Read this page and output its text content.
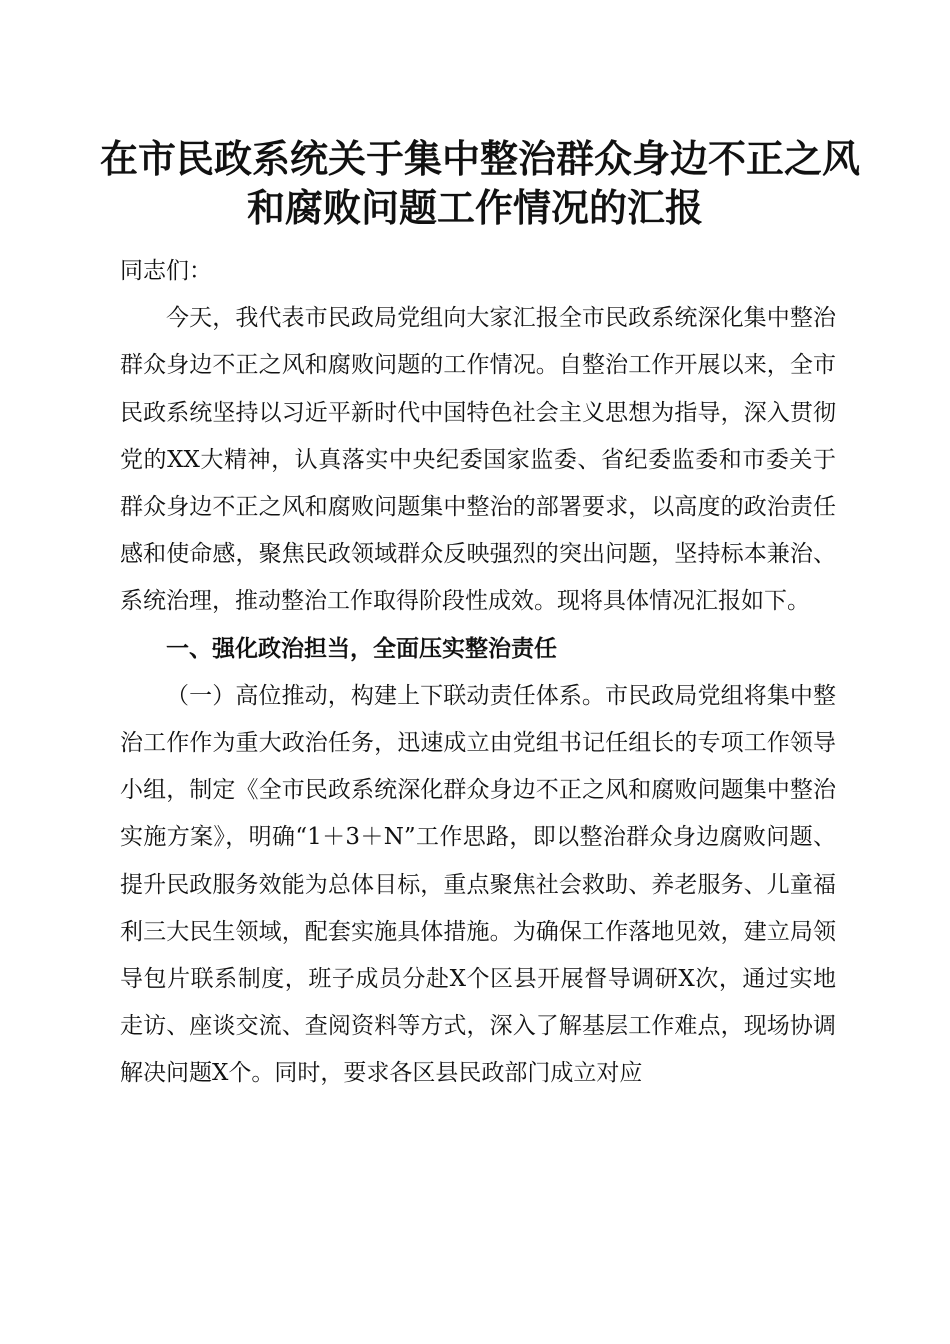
在市民政系统关于集中整治群众身边不正之风
和腐败问题工作情况的汇报

同志们：

今天，我代表市民政局党组向大家汇报全市民政系统深化集中整治群众身边不正之风和腐败问题的工作情况。自整治工作开展以来，全市民政系统坚持以习近平新时代中国特色社会主义思想为指导，深入贯彻党的XX大精神，认真落实中央纪委国家监委、省纪委监委和市委关于群众身边不正之风和腐败问题集中整治的部署要求，以高度的政治责任感和使命感，聚焦民政领域群众反映强烈的突出问题，坚持标本兼治、系统治理，推动整治工作取得阶段性成效。现将具体情况汇报如下。

一、强化政治担当，全面压实整治责任

（一）高位推动，构建上下联动责任体系。市民政局党组将集中整治工作作为重大政治任务，迅速成立由党组书记任组长的专项工作领导小组，制定《全市民政系统深化群众身边不正之风和腐败问题集中整治实施方案》，明确“1＋3＋N”工作思路，即以整治群众身边腐败问题、提升民政服务效能为总体目标，重点聚焦社会救助、养老服务、儿童福利三大民生领域，配套实施具体措施。为确保工作落地见效，建立局领导包片联系制度，班子成员分赴X个区县开展督导调研X次，通过实地走访、座谈交流、查阅资料等方式，深入了解基层工作难点，现场协调解决问题X个。同时，要求各区县民政部门成立对应
